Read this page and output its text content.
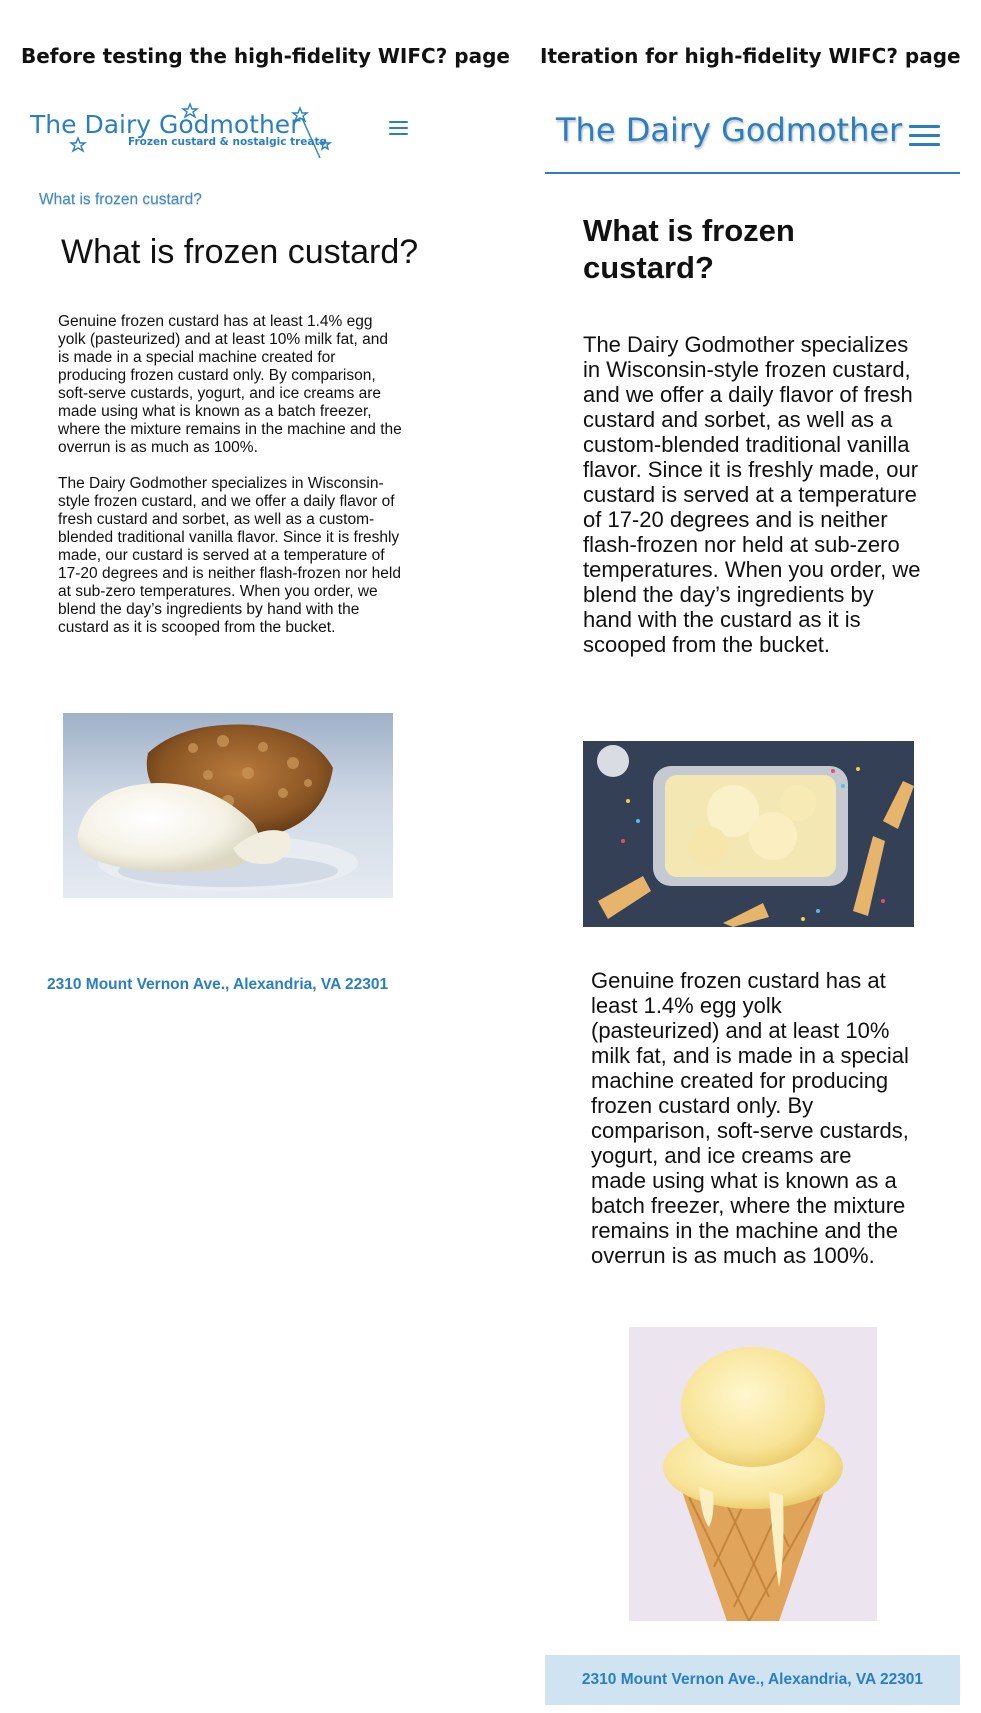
Before testing the high-fidelity WIFC? page Iteration for high-fidelity WIFC? page
The Dairy Godmother
Frozen custard & nostalgic treats
What is frozen custard?
What is frozen custard?

Genuine frozen custard has at least 1.4% egg yolk (pasteurized) and at least 10% milk fat, and is made in a special machine created for producing frozen custard only. By comparison, soft-serve custards, yogurt, and ice creams are made using what is known as a batch freezer, where the mixture remains in the machine and the overrun is as much as 100%.

The Dairy Godmother specializes in Wisconsin-style frozen custard, and we offer a daily flavor of fresh custard and sorbet, as well as a custom-blended traditional vanilla flavor. Since it is freshly made, our custard is served at a temperature of 17-20 degrees and is neither flash-frozen nor held at sub-zero temperatures. When you order, we blend the day’s ingredients by hand with the custard as it is scooped from the bucket.

2310 Mount Vernon Ave., Alexandria, VA 22301
The Dairy Godmother
What is frozen custard?

The Dairy Godmother specializes in Wisconsin-style frozen custard, and we offer a daily flavor of fresh custard and sorbet, as well as a custom-blended traditional vanilla flavor. Since it is freshly made, our custard is served at a temperature of 17-20 degrees and is neither flash-frozen nor held at sub-zero temperatures. When you order, we blend the day’s ingredients by hand with the custard as it is scooped from the bucket.

Genuine frozen custard has at least 1.4% egg yolk (pasteurized) and at least 10% milk fat, and is made in a special machine created for producing frozen custard only. By comparison, soft-serve custards, yogurt, and ice creams are made using what is known as a batch freezer, where the mixture remains in the machine and the overrun is as much as 100%.

2310 Mount Vernon Ave., Alexandria, VA 22301
